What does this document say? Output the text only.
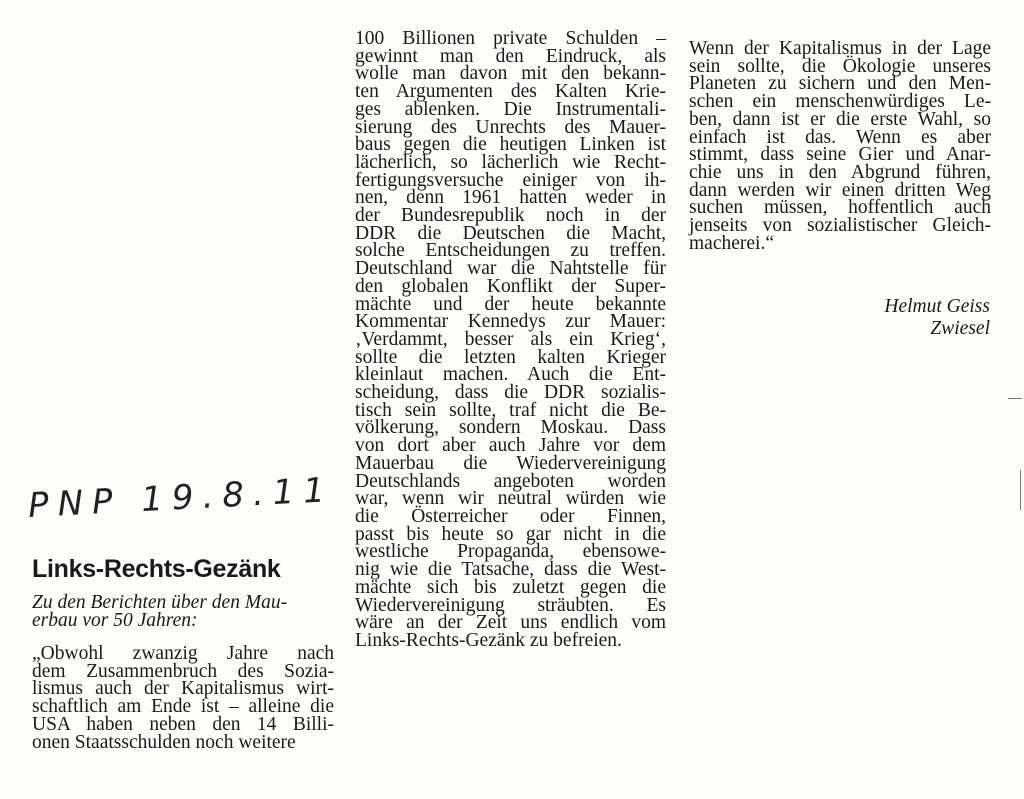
PNP 19.8.11
Links-Rechts-Gezänk
Zu den Berichten über den Mau-
erbau vor 50 Jahren:
„Obwohl zwanzig Jahre nach
dem Zusammenbruch des Sozia-
lismus auch der Kapitalismus wirt-
schaftlich am Ende ist – alleine die
USA haben neben den 14 Billi-
onen Staatsschulden noch weitere
100 Billionen private Schulden –
gewinnt man den Eindruck, als
wolle man davon mit den bekann-
ten Argumenten des Kalten Krie-
ges ablenken. Die Instrumentali-
sierung des Unrechts des Mauer-
baus gegen die heutigen Linken ist
lächerlich, so lächerlich wie Recht-
fertigungsversuche einiger von ih-
nen, denn 1961 hatten weder in
der Bundesrepublik noch in der
DDR die Deutschen die Macht,
solche Entscheidungen zu treffen.
Deutschland war die Nahtstelle für
den globalen Konflikt der Super-
mächte und der heute bekannte
Kommentar Kennedys zur Mauer:
‚Verdammt, besser als ein Krieg‘,
sollte die letzten kalten Krieger
kleinlaut machen. Auch die Ent-
scheidung, dass die DDR sozialis-
tisch sein sollte, traf nicht die Be-
völkerung, sondern Moskau. Dass
von dort aber auch Jahre vor dem
Mauerbau die Wiedervereinigung
Deutschlands angeboten worden
war, wenn wir neutral würden wie
die Österreicher oder Finnen,
passt bis heute so gar nicht in die
westliche Propaganda, ebensowe-
nig wie die Tatsache, dass die West-
mächte sich bis zuletzt gegen die
Wiedervereinigung sträubten. Es
wäre an der Zeit uns endlich vom
Links-Rechts-Gezänk zu befreien.
Wenn der Kapitalismus in der Lage
sein sollte, die Ökologie unseres
Planeten zu sichern und den Men-
schen ein menschenwürdiges Le-
ben, dann ist er die erste Wahl, so
einfach ist das. Wenn es aber
stimmt, dass seine Gier und Anar-
chie uns in den Abgrund führen,
dann werden wir einen dritten Weg
suchen müssen, hoffentlich auch
jenseits von sozialistischer Gleich-
macherei.“
Helmut Geiss
Zwiesel
